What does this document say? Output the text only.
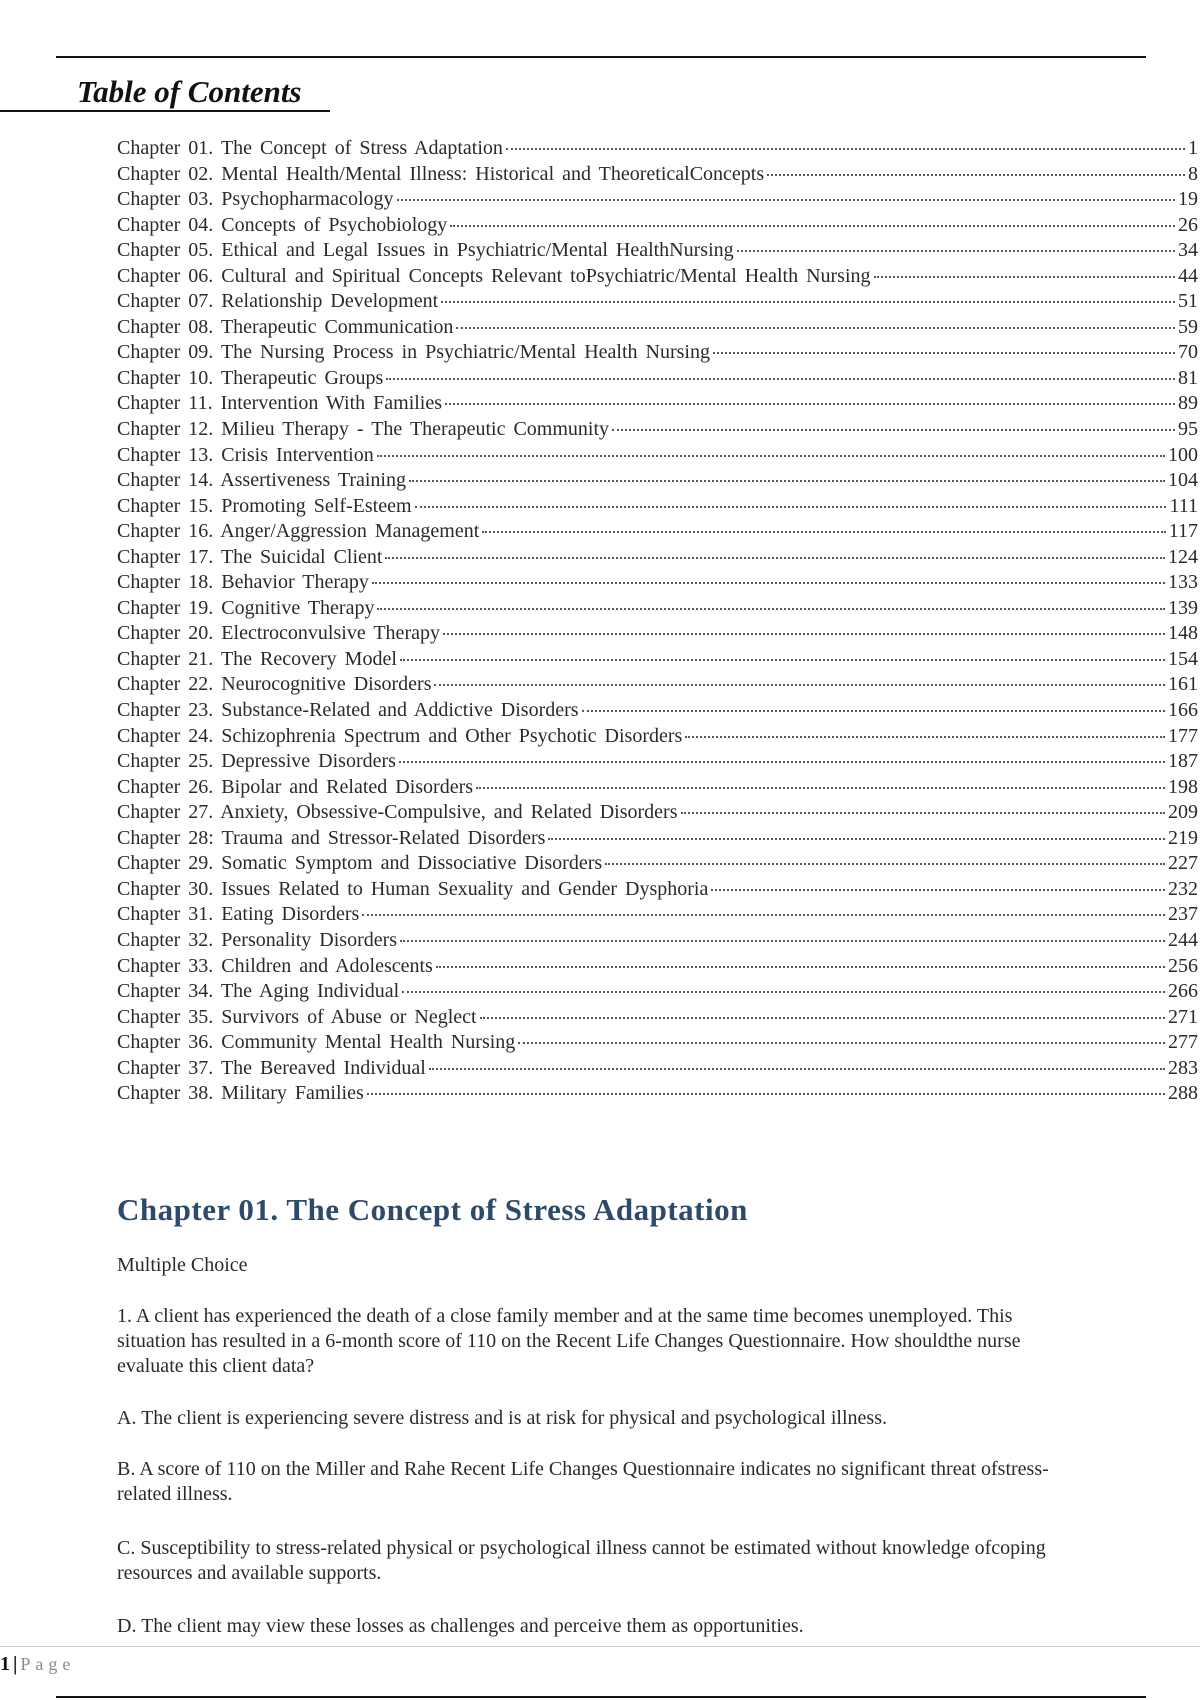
Table of Contents
Chapter 01. The Concept of Stress Adaptation	1
Chapter 02. Mental Health/Mental Illness: Historical and TheoreticalConcepts	8
Chapter 03. Psychopharmacology	19
Chapter 04. Concepts of Psychobiology	26
Chapter 05. Ethical and Legal Issues in Psychiatric/Mental HealthNursing	34
Chapter 06. Cultural and Spiritual Concepts Relevant toPsychiatric/Mental Health Nursing	44
Chapter 07. Relationship Development	51
Chapter 08. Therapeutic Communication	59
Chapter 09. The Nursing Process in Psychiatric/Mental Health Nursing	70
Chapter 10. Therapeutic Groups	81
Chapter 11. Intervention With Families	89
Chapter 12. Milieu Therapy - The Therapeutic Community	95
Chapter 13. Crisis Intervention	100
Chapter 14. Assertiveness Training	104
Chapter 15. Promoting Self-Esteem	111
Chapter 16. Anger/Aggression Management	117
Chapter 17. The Suicidal Client	124
Chapter 18. Behavior Therapy	133
Chapter 19. Cognitive Therapy	139
Chapter 20. Electroconvulsive Therapy	148
Chapter 21. The Recovery Model	154
Chapter 22. Neurocognitive Disorders	161
Chapter 23. Substance-Related and Addictive Disorders	166
Chapter 24. Schizophrenia Spectrum and Other Psychotic Disorders	177
Chapter 25. Depressive Disorders	187
Chapter 26. Bipolar and Related Disorders	198
Chapter 27. Anxiety, Obsessive-Compulsive, and Related Disorders	209
Chapter 28: Trauma and Stressor-Related Disorders	219
Chapter 29. Somatic Symptom and Dissociative Disorders	227
Chapter 30. Issues Related to Human Sexuality and Gender Dysphoria	232
Chapter 31. Eating Disorders	237
Chapter 32. Personality Disorders	244
Chapter 33. Children and Adolescents	256
Chapter 34. The Aging Individual	266
Chapter 35. Survivors of Abuse or Neglect	271
Chapter 36. Community Mental Health Nursing	277
Chapter 37. The Bereaved Individual	283
Chapter 38. Military Families	288
Chapter 01. The Concept of Stress Adaptation

Multiple Choice

1. A client has experienced the death of a close family member and at the same time becomes unemployed. This situation has resulted in a 6-month score of 110 on the Recent Life Changes Questionnaire. How shouldthe nurse evaluate this client data?

A. The client is experiencing severe distress and is at risk for physical and psychological illness.

B. A score of 110 on the Miller and Rahe Recent Life Changes Questionnaire indicates no significant threat ofstress-related illness.

C. Susceptibility to stress-related physical or psychological illness cannot be estimated without knowledge ofcoping resources and available supports.

D. The client may view these losses as challenges and perceive them as opportunities.

1 | Page
